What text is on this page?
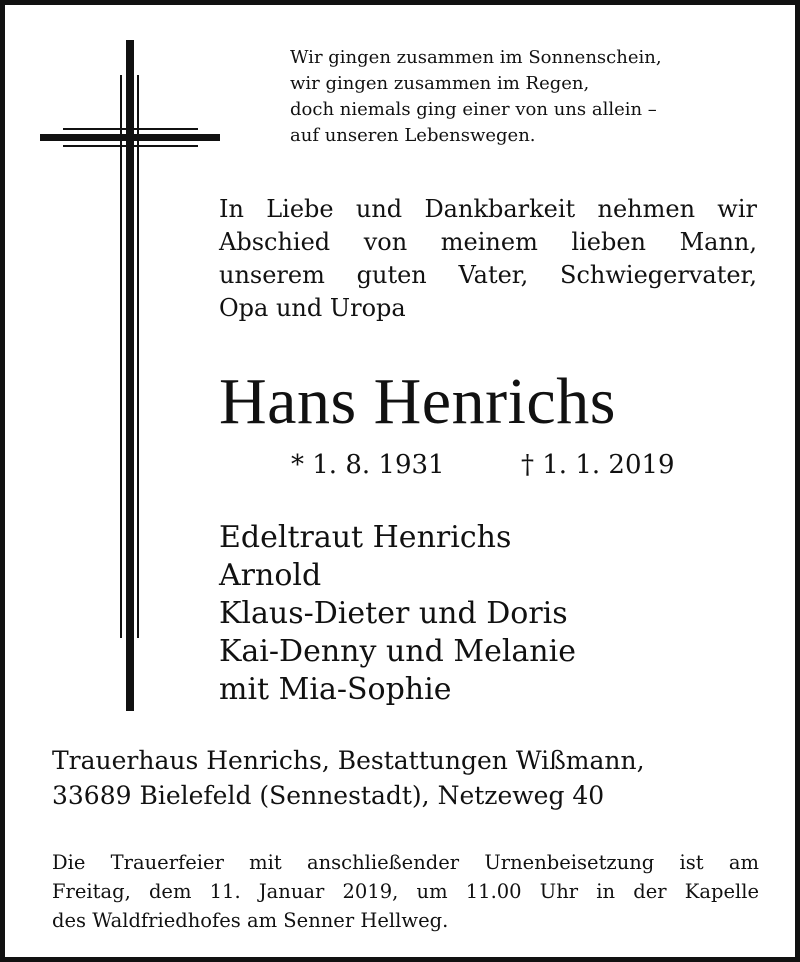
Wir gingen zusammen im Sonnenschein,
wir gingen zusammen im Regen,
doch niemals ging einer von uns allein –
auf unseren Lebenswegen.
In Liebe und Dankbarkeit nehmen wir
Abschied von meinem lieben Mann,
unserem guten Vater, Schwiegervater,
Opa und Uropa
Hans Henrichs
* 1. 8. 1931	† 1. 1. 2019
Edeltraut Henrichs
Arnold
Klaus-Dieter und Doris
Kai-Denny und Melanie
mit Mia-Sophie
Trauerhaus Henrichs, Bestattungen Wißmann,
33689 Bielefeld (Sennestadt), Netzeweg 40
Die Trauerfeier mit anschließender Urnenbeisetzung ist am
Freitag, dem 11. Januar 2019, um 11.00 Uhr in der Kapelle
des Waldfriedhofes am Senner Hellweg.
